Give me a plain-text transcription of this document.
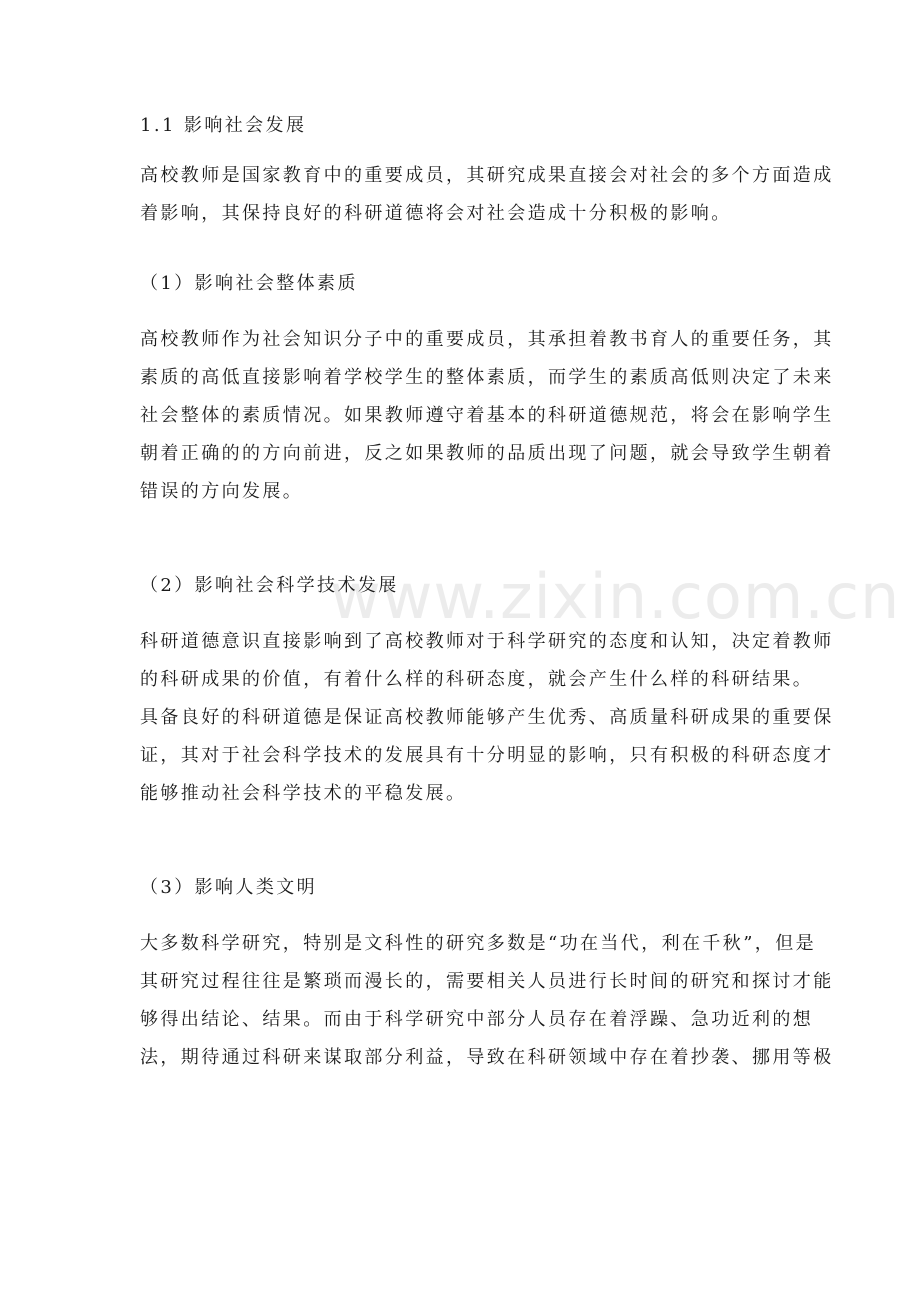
www.zixin.com.cn

1.1 影响社会发展

高校教师是国家教育中的重要成员，其研究成果直接会对社会的多个方面造成
着影响，其保持良好的科研道德将会对社会造成十分积极的影响。

（1）影响社会整体素质

高校教师作为社会知识分子中的重要成员，其承担着教书育人的重要任务，其
素质的高低直接影响着学校学生的整体素质，而学生的素质高低则决定了未来
社会整体的素质情况。如果教师遵守着基本的科研道德规范，将会在影响学生
朝着正确的的方向前进，反之如果教师的品质出现了问题，就会导致学生朝着
错误的方向发展。

（2）影响社会科学技术发展

科研道德意识直接影响到了高校教师对于科学研究的态度和认知，决定着教师
的科研成果的价值，有着什么样的科研态度，就会产生什么样的科研结果。
具备良好的科研道德是保证高校教师能够产生优秀、高质量科研成果的重要保
证，其对于社会科学技术的发展具有十分明显的影响，只有积极的科研态度才
能够推动社会科学技术的平稳发展。

（3）影响人类文明

大多数科学研究，特别是文科性的研究多数是“功在当代，利在千秋”，但是
其研究过程往往是繁琐而漫长的，需要相关人员进行长时间的研究和探讨才能
够得出结论、结果。而由于科学研究中部分人员存在着浮躁、急功近利的想
法，期待通过科研来谋取部分利益，导致在科研领域中存在着抄袭、挪用等极
